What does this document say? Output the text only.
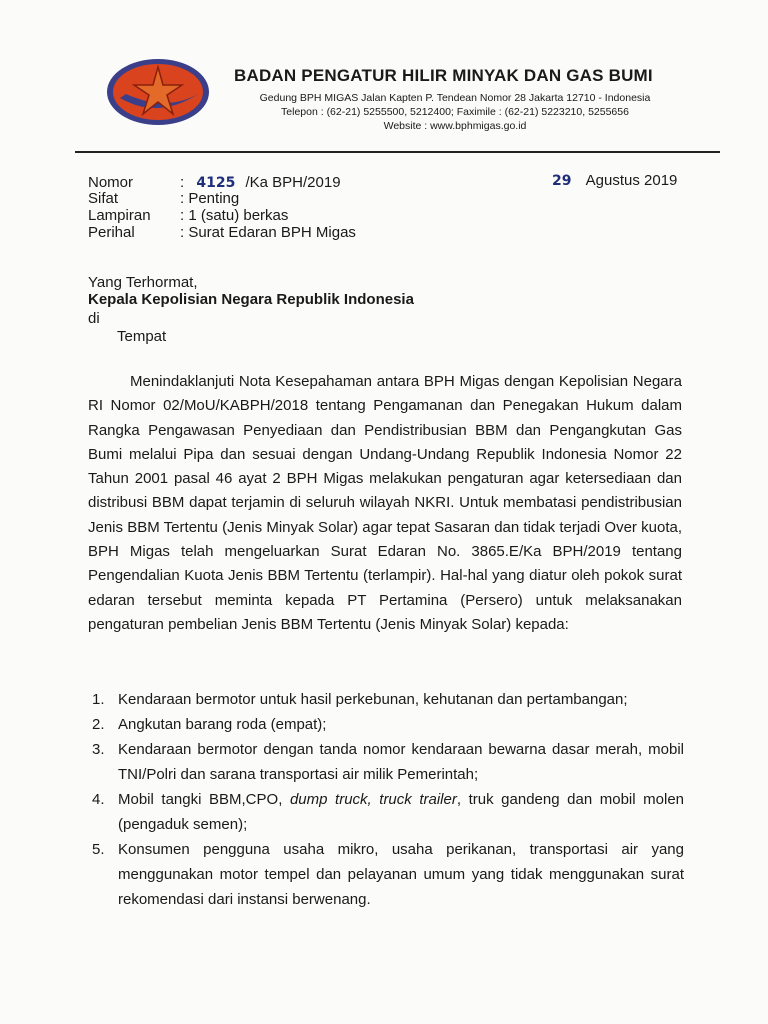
BADAN PENGATUR HILIR MINYAK DAN GAS BUMI
Gedung BPH MIGAS Jalan Kapten P. Tendean Nomor 28 Jakarta 12710 - Indonesia
Telepon : (62-21) 5255500, 5212400; Faximile : (62-21) 5223210, 5255656
Website : www.bphmigas.go.id
Nomor	: 4125 /Ka BPH/2019
Sifat	: Penting
Lampiran : 1 (satu) berkas
Perihal	: Surat Edaran BPH Migas
29 Agustus 2019
Yang Terhormat,
Kepala Kepolisian Negara Republik Indonesia
di
Tempat

Menindaklanjuti Nota Kesepahaman antara BPH Migas dengan Kepolisian Negara RI Nomor 02/MoU/KABPH/2018 tentang Pengamanan dan Penegakan Hukum dalam Rangka Pengawasan Penyediaan dan Pendistribusian BBM dan Pengangkutan Gas Bumi melalui Pipa dan sesuai dengan Undang-Undang Republik Indonesia Nomor 22 Tahun 2001 pasal 46 ayat 2 BPH Migas melakukan pengaturan agar ketersediaan dan distribusi BBM dapat terjamin di seluruh wilayah NKRI. Untuk membatasi pendistribusian Jenis BBM Tertentu (Jenis Minyak Solar) agar tepat Sasaran dan tidak terjadi Over kuota, BPH Migas telah mengeluarkan Surat Edaran No. 3865.E/Ka BPH/2019 tentang Pengendalian Kuota Jenis BBM Tertentu (terlampir). Hal-hal yang diatur oleh pokok surat edaran tersebut meminta kepada PT Pertamina (Persero) untuk melaksanakan pengaturan pembelian Jenis BBM Tertentu (Jenis Minyak Solar) kepada:

1. Kendaraan bermotor untuk hasil perkebunan, kehutanan dan pertambangan;
2. Angkutan barang roda (empat);
3. Kendaraan bermotor dengan tanda nomor kendaraan bewarna dasar merah, mobil TNI/Polri dan sarana transportasi air milik Pemerintah;
4. Mobil tangki BBM,CPO, dump truck, truck trailer, truk gandeng dan mobil molen (pengaduk semen);
5. Konsumen pengguna usaha mikro, usaha perikanan, transportasi air yang menggunakan motor tempel dan pelayanan umum yang tidak menggunakan surat rekomendasi dari instansi berwenang.
